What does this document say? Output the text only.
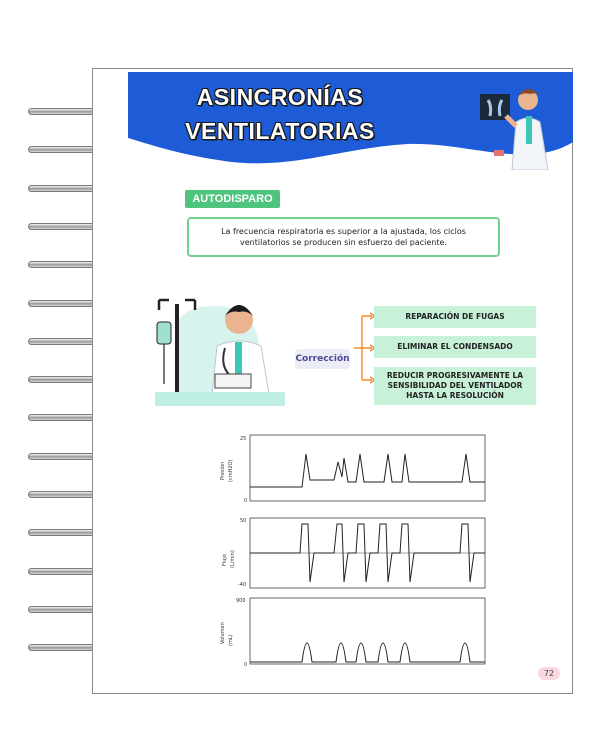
ASINCRONÍAS
VENTILATORIAS
AUTODISPARO
La frecuencia respiratoria es superior a la ajustada, los ciclos ventilatorios se producen sin esfuerzo del paciente.
Corrección
REPARACIÓN DE FUGAS
ELIMINAR EL CONDENSADO
REDUCIR PROGRESIVAMENTE LA SENSIBILIDAD DEL VENTILADOR HASTA LA RESOLUCIÓN
25
0
Presión (cmH2O)
50
-40
Flujo (L/min)
900
0
Volumen (mL)
72
